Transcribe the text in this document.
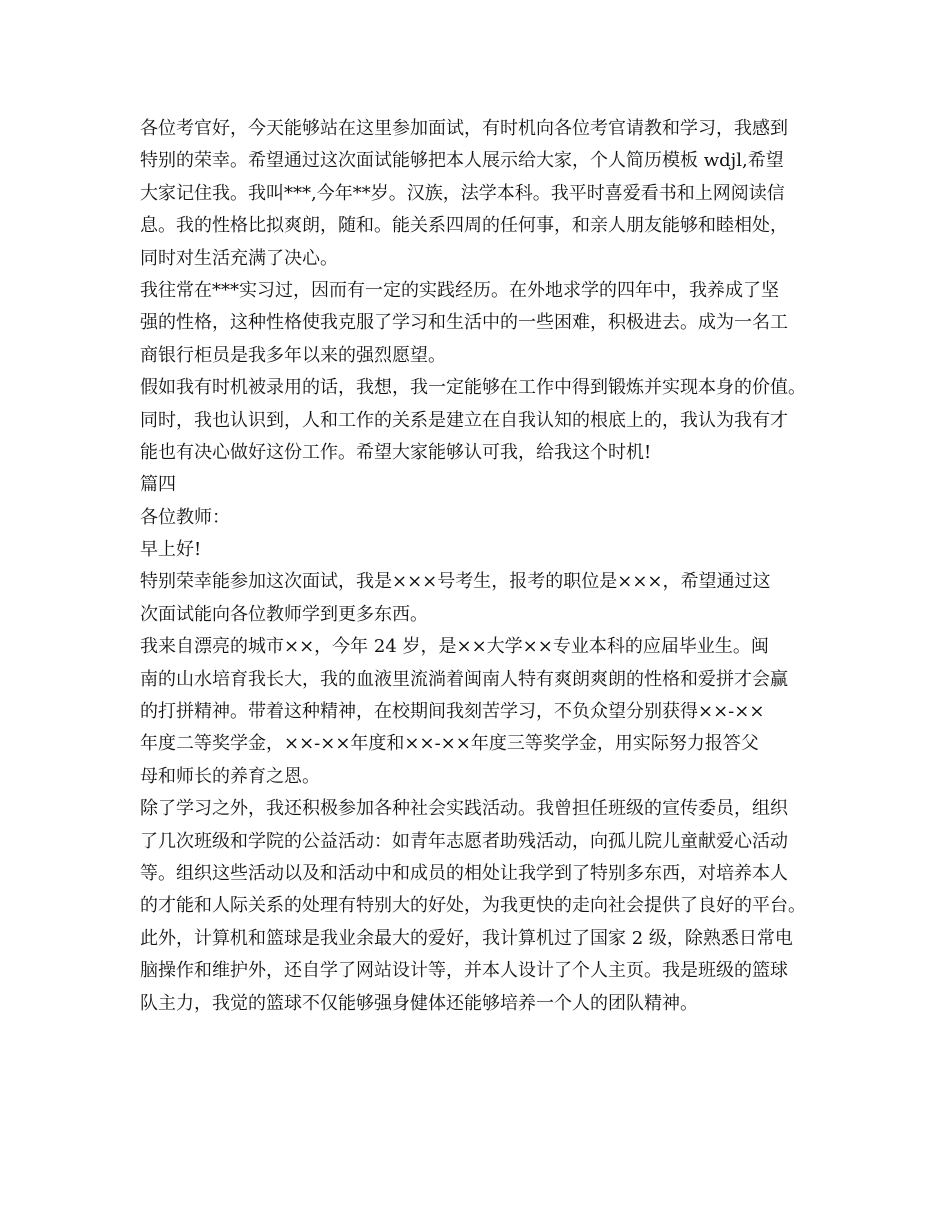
各位考官好，今天能够站在这里参加面试，有时机向各位考官请教和学习，我感到
特别的荣幸。希望通过这次面试能够把本人展示给大家，个人简历模板 wdjl,希望
大家记住我。我叫***,今年**岁。汉族，法学本科。我平时喜爱看书和上网阅读信
息。我的性格比拟爽朗，随和。能关系四周的任何事，和亲人朋友能够和睦相处，
同时对生活充满了决心。
我往常在***实习过，因而有一定的实践经历。在外地求学的四年中，我养成了坚
强的性格，这种性格使我克服了学习和生活中的一些困难，积极进去。成为一名工
商银行柜员是我多年以来的强烈愿望。
假如我有时机被录用的话，我想，我一定能够在工作中得到锻炼并实现本身的价值。
同时，我也认识到，人和工作的关系是建立在自我认知的根底上的，我认为我有才
能也有决心做好这份工作。希望大家能够认可我，给我这个时机!
篇四
各位教师：
早上好!
特别荣幸能参加这次面试，我是×××号考生，报考的职位是×××，希望通过这
次面试能向各位教师学到更多东西。
我来自漂亮的城市××，今年 24 岁，是××大学××专业本科的应届毕业生。闽
南的山水培育我长大，我的血液里流淌着闽南人特有爽朗爽朗的性格和爱拼才会赢
的打拼精神。带着这种精神，在校期间我刻苦学习，不负众望分别获得××-××
年度二等奖学金，××-××年度和××-××年度三等奖学金，用实际努力报答父
母和师长的养育之恩。
除了学习之外，我还积极参加各种社会实践活动。我曾担任班级的宣传委员，组织
了几次班级和学院的公益活动：如青年志愿者助残活动，向孤儿院儿童献爱心活动
等。组织这些活动以及和活动中和成员的相处让我学到了特别多东西，对培养本人
的才能和人际关系的处理有特别大的好处，为我更快的走向社会提供了良好的平台。
此外，计算机和篮球是我业余最大的爱好，我计算机过了国家 2 级，除熟悉日常电
脑操作和维护外，还自学了网站设计等，并本人设计了个人主页。我是班级的篮球
队主力，我觉的篮球不仅能够强身健体还能够培养一个人的团队精神。
